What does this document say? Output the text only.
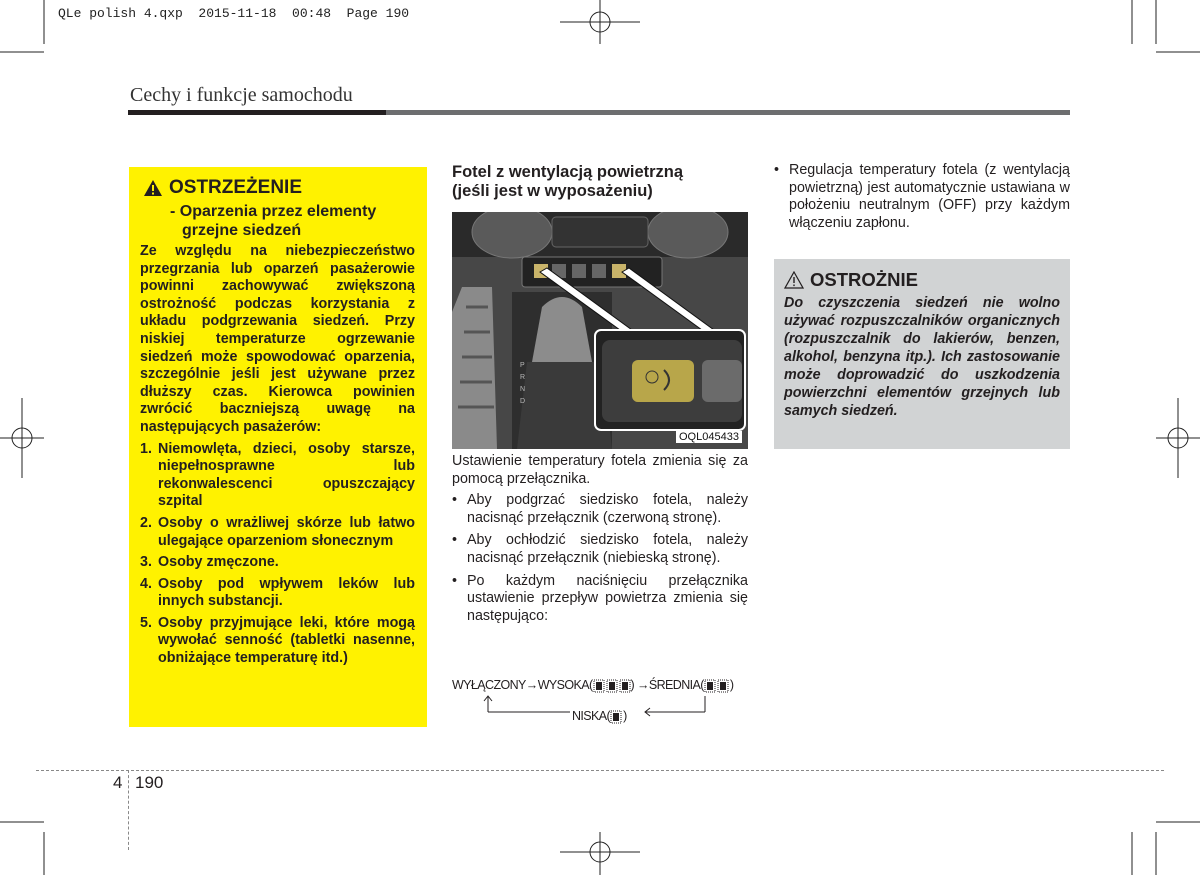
QLe polish 4.qxp  2015-11-18  00:48  Page 190
Cechy i funkcje samochodu
OSTRZEŻENIE
- Oparzenia przez elementy
grzejne siedzeń

Ze względu na niebezpieczeństwo przegrzania lub oparzeń pasażerowie powinni zachowywać zwiększoną ostrożność podczas korzystania z układu podgrzewania siedzeń. Przy niskiej temperaturze ogrzewanie siedzeń może spowodować oparzenia, szczególnie jeśli jest używane przez dłuższy czas. Kierowca powinien zwrócić baczniejszą uwagę na następujących pasażerów:

1. Niemowlęta, dzieci, osoby starsze, niepełnosprawne lub rekonwalescenci opuszczający szpital
2. Osoby o wrażliwej skórze lub łatwo ulegające oparzeniom słonecznym
3. Osoby zmęczone.
4. Osoby pod wpływem leków lub innych substancji.
5. Osoby przyjmujące leki, które mogą wywołać senność (tabletki nasenne, obniżające temperaturę itd.)
Fotel z wentylacją powietrzną
(jeśli jest w wyposażeniu)
P
R
N
D
OQL045433

Ustawienie temperatury fotela zmienia się za pomocą przełącznika.

• Aby podgrzać siedzisko fotela, należy nacisnąć przełącznik (czerwoną stronę).
• Aby ochłodzić siedzisko fotela, należy nacisnąć przełącznik (niebieską stronę).
• Po każdym naciśnięciu przełącznika ustawienie przepływ powietrza zmienia się następująco:
WYŁĄCZONY→WYSOKA(	) →ŚREDNIA( )
NISKA( )
• Regulacja temperatury fotela (z wentylacją powietrzną) jest automatycznie ustawiana w położeniu neutralnym (OFF) przy każdym włączeniu zapłonu.
OSTROŻNIE
Do czyszczenia siedzeń nie wolno używać rozpuszczalników organicznych (rozpuszczalnik do lakierów, benzen, alkohol, benzyna itp.). Ich zastosowanie może doprowadzić do uszkodzenia powierzchni elementów grzejnych lub samych siedzeń.
4 190
